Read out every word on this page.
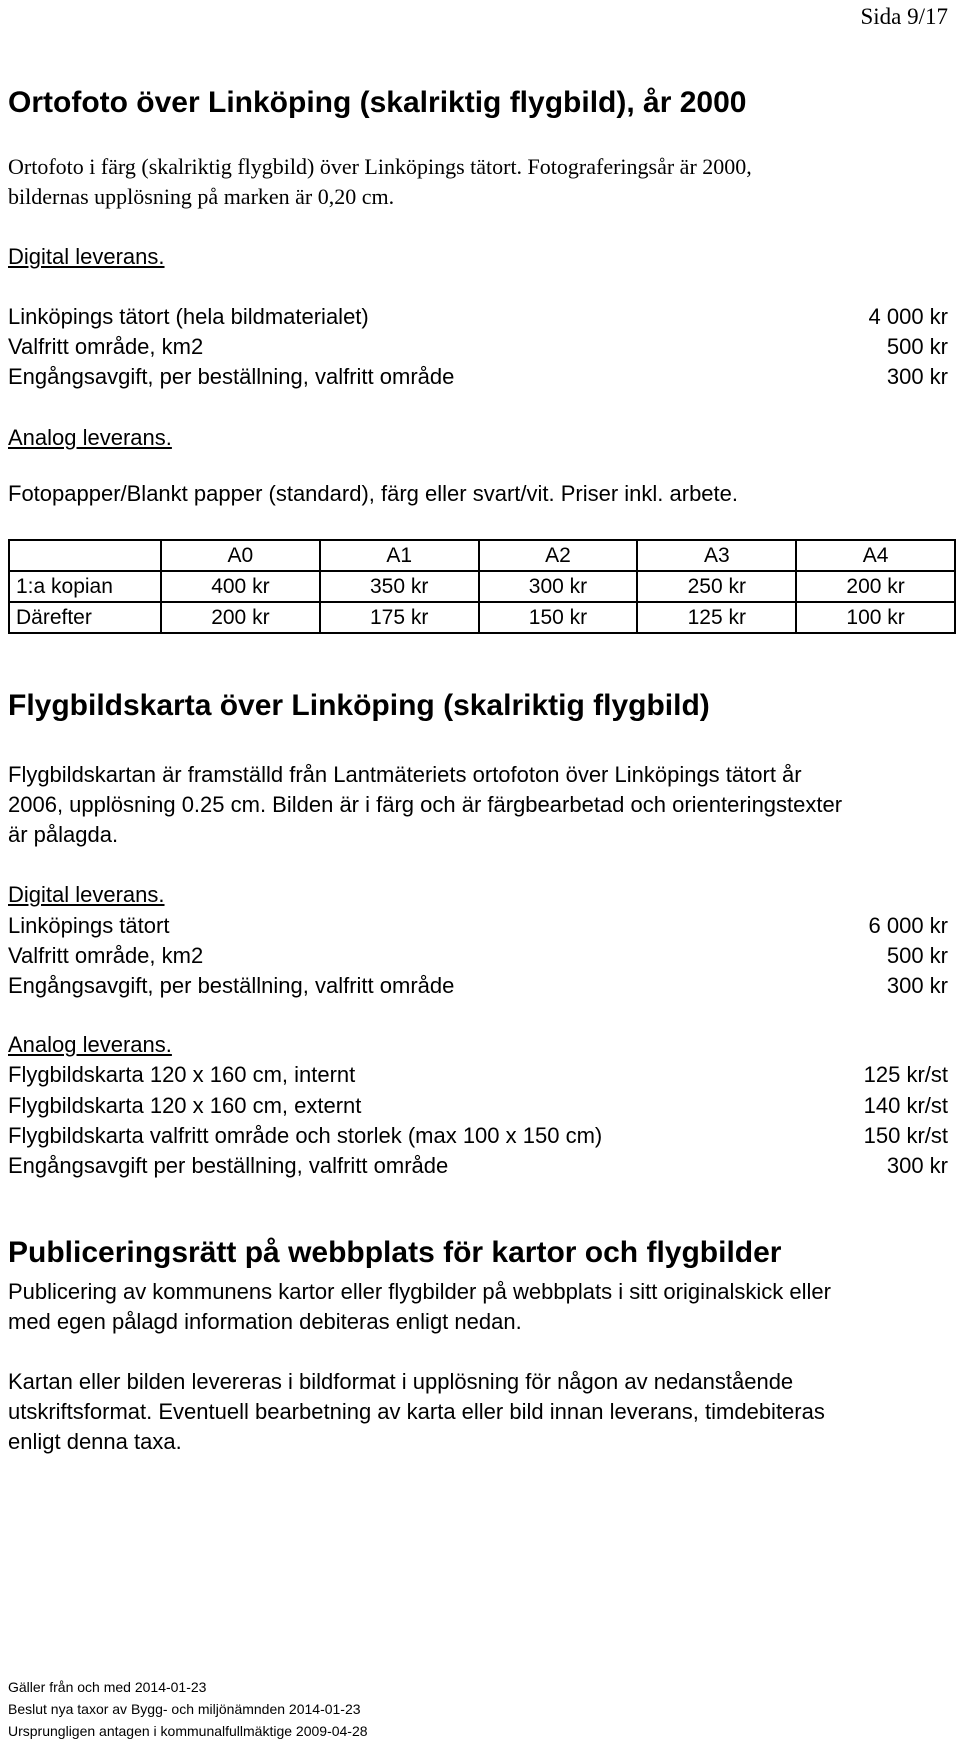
Sida 9/17
Ortofoto över Linköping (skalriktig flygbild), år 2000
Ortofoto i färg (skalriktig flygbild) över Linköpings tätort. Fotograferingsår är 2000,
bildernas upplösning på marken är 0,20 cm.
Digital leverans.
Linköpings tätort (hela bildmaterialet)	4 000 kr
Valfritt område, km2	500 kr
Engångsavgift, per beställning, valfritt område	300 kr
Analog leverans.
Fotopapper/Blankt papper (standard), färg eller svart/vit. Priser inkl. arbete.
	A0	A1	A2	A3	A4
1:a kopian	400 kr	350 kr	300 kr	250 kr	200 kr
Därefter	200 kr	175 kr	150 kr	125 kr	100 kr
Flygbildskarta över Linköping (skalriktig flygbild)
Flygbildskartan är framställd från Lantmäteriets ortofoton över Linköpings tätort år
2006, upplösning 0.25 cm. Bilden är i färg och är färgbearbetad och orienteringstexter
är pålagda.
Digital leverans.
Linköpings tätort	6 000 kr
Valfritt område, km2	500 kr
Engångsavgift, per beställning, valfritt område	300 kr
Analog leverans.
Flygbildskarta 120 x 160 cm, internt	125 kr/st
Flygbildskarta 120 x 160 cm, externt	140 kr/st
Flygbildskarta valfritt område och storlek (max 100 x 150 cm)	150 kr/st
Engångsavgift per beställning, valfritt område	300 kr
Publiceringsrätt på webbplats för kartor och flygbilder
Publicering av kommunens kartor eller flygbilder på webbplats i sitt originalskick eller
med egen pålagd information debiteras enligt nedan.
Kartan eller bilden levereras i bildformat i upplösning för någon av nedanstående
utskriftsformat. Eventuell bearbetning av karta eller bild innan leverans, timdebiteras
enligt denna taxa.
Gäller från och med 2014-01-23
Beslut nya taxor av Bygg- och miljönämnden 2014-01-23
Ursprungligen antagen i kommunalfullmäktige 2009-04-28
